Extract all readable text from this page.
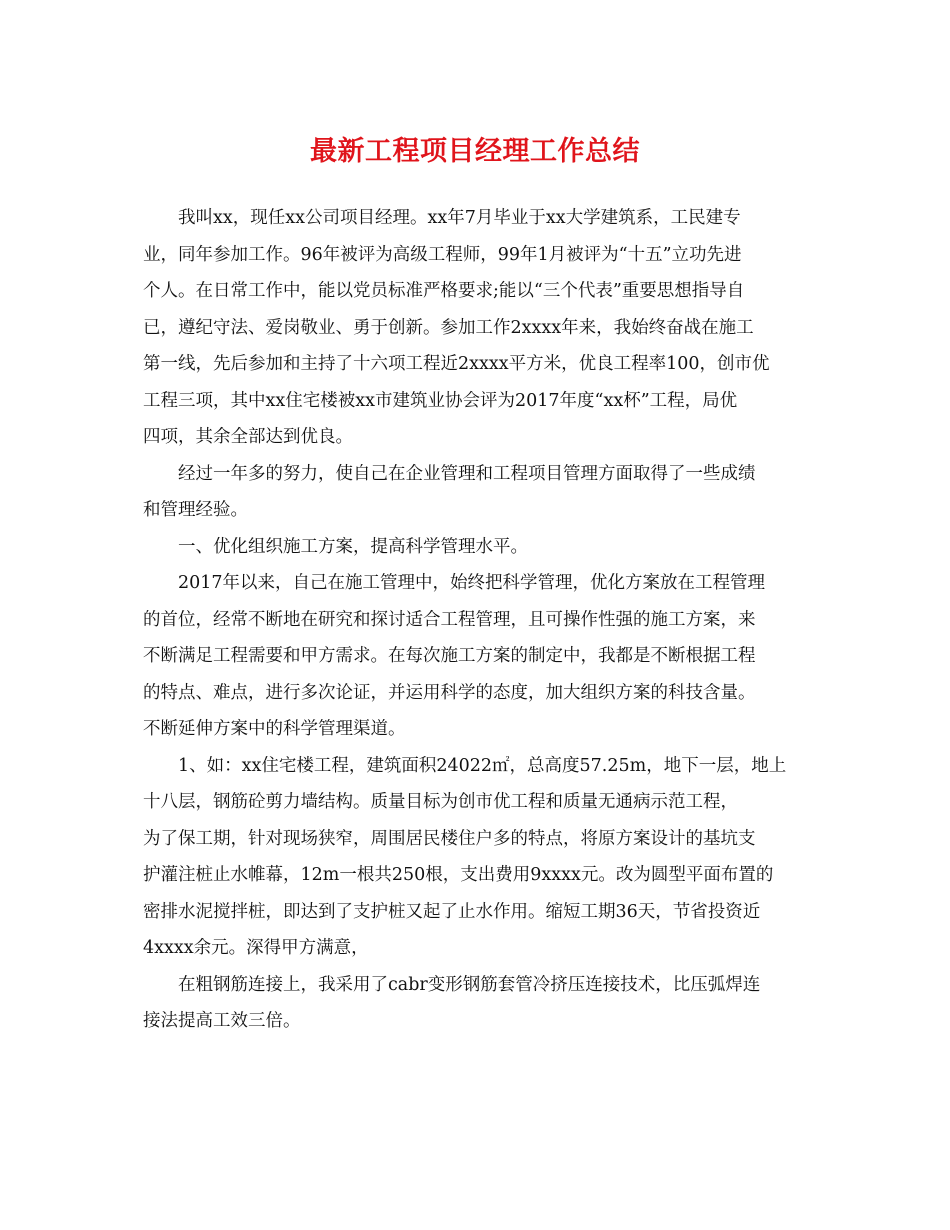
最新工程项目经理工作总结
我叫xx，现任xx公司项目经理。xx年7月毕业于xx大学建筑系，工民建专
业，同年参加工作。96年被评为高级工程师，99年1月被评为“十五”立功先进
个人。在日常工作中，能以党员标准严格要求;能以“三个代表”重要思想指导自
已，遵纪守法、爱岗敬业、勇于创新。参加工作2xxxx年来，我始终奋战在施工
第一线，先后参加和主持了十六项工程近2xxxx平方米，优良工程率100，创市优
工程三项，其中xx住宅楼被xx市建筑业协会评为2017年度“xx杯”工程，局优
四项，其余全部达到优良。
经过一年多的努力，使自己在企业管理和工程项目管理方面取得了一些成绩
和管理经验。
一、优化组织施工方案，提高科学管理水平。
2017年以来，自己在施工管理中，始终把科学管理，优化方案放在工程管理
的首位，经常不断地在研究和探讨适合工程管理，且可操作性强的施工方案，来
不断满足工程需要和甲方需求。在每次施工方案的制定中，我都是不断根据工程
的特点、难点，进行多次论证，并运用科学的态度，加大组织方案的科技含量。
不断延伸方案中的科学管理渠道。
1、如：xx住宅楼工程，建筑面积24022㎡，总高度57.25m，地下一层，地上
十八层，钢筋砼剪力墙结构。质量目标为创市优工程和质量无通病示范工程，
为了保工期，针对现场狭窄，周围居民楼住户多的特点，将原方案设计的基坑支
护灌注桩止水帷幕，12m一根共250根，支出费用9xxxx元。改为圆型平面布置的
密排水泥搅拌桩，即达到了支护桩又起了止水作用。缩短工期36天，节省投资近
4xxxx余元。深得甲方满意，
在粗钢筋连接上，我采用了cabr变形钢筋套管冷挤压连接技术，比压弧焊连
接法提高工效三倍。
